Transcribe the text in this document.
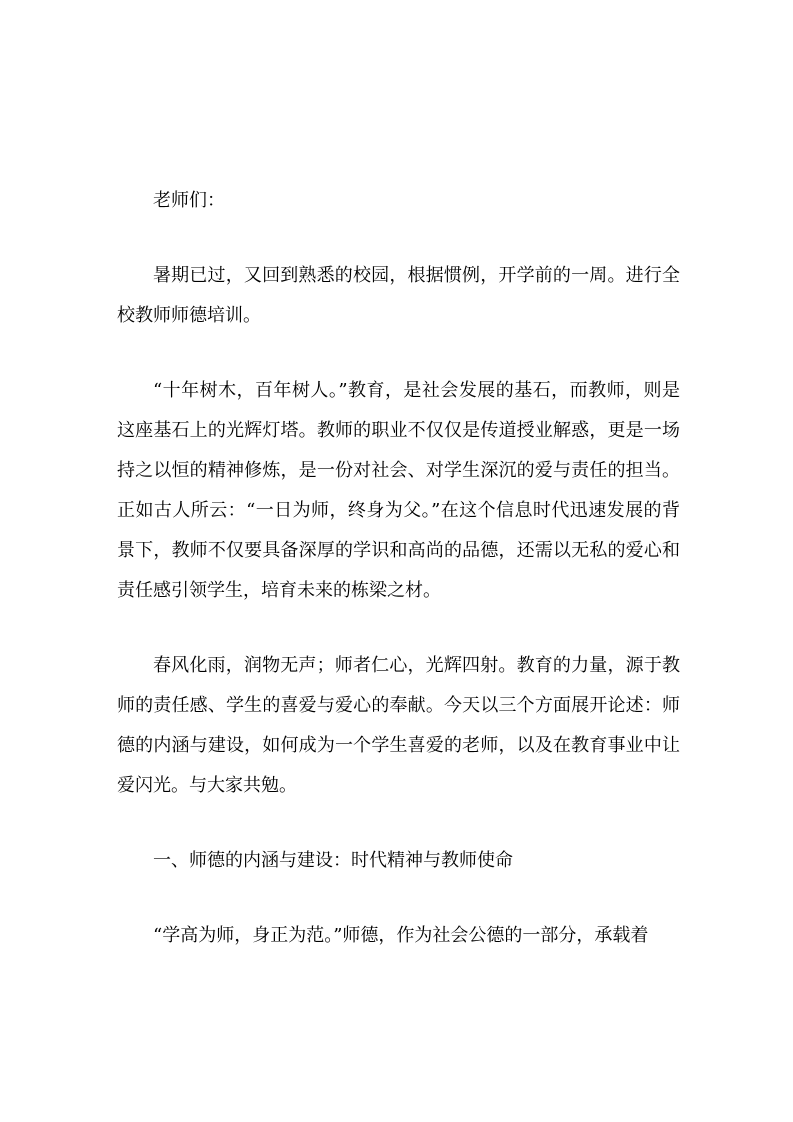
老师们：

暑期已过，又回到熟悉的校园，根据惯例，开学前的一周。进行全校教师师德培训。

“十年树木，百年树人。”教育，是社会发展的基石，而教师，则是这座基石上的光辉灯塔。教师的职业不仅仅是传道授业解惑，更是一场持之以恒的精神修炼，是一份对社会、对学生深沉的爱与责任的担当。正如古人所云：“一日为师，终身为父。”在这个信息时代迅速发展的背景下，教师不仅要具备深厚的学识和高尚的品德，还需以无私的爱心和责任感引领学生，培育未来的栋梁之材。

春风化雨，润物无声；师者仁心，光辉四射。教育的力量，源于教师的责任感、学生的喜爱与爱心的奉献。今天以三个方面展开论述：师德的内涵与建设，如何成为一个学生喜爱的老师，以及在教育事业中让爱闪光。与大家共勉。

一、师德的内涵与建设：时代精神与教师使命

“学高为师，身正为范。”师德，作为社会公德的一部分，承载着
